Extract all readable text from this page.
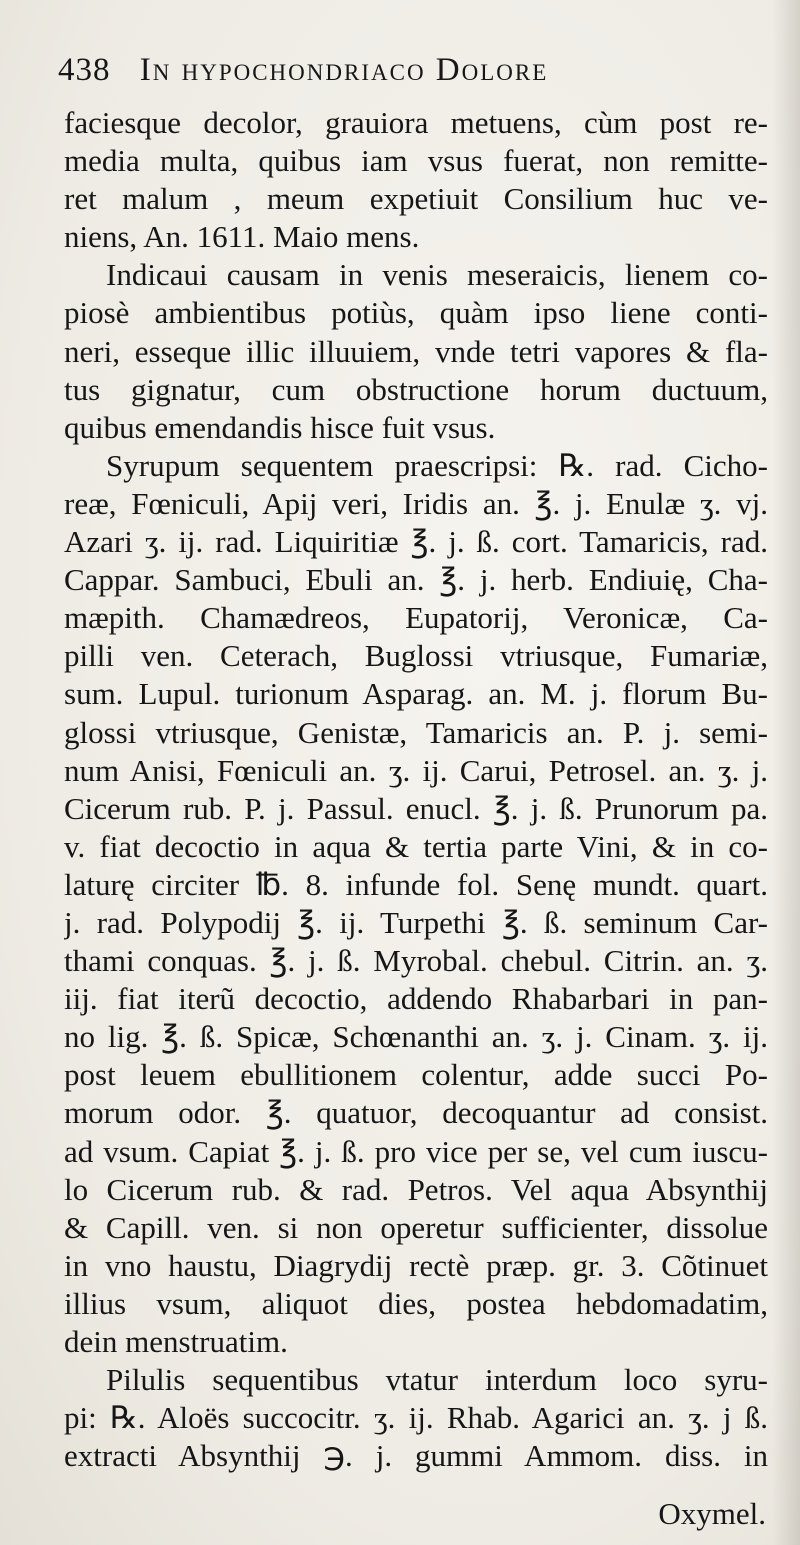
438 In hypochondriaco Dolore
faciesque decolor, grauiora metuens, cùm post re-
media multa, quibus iam vsus fuerat, non remitte-
ret malum , meum expetiuit Consilium huc ve-
niens, An. 1611. Maio mens.
Indicaui causam in venis meseraicis, lienem co-
piosè ambientibus potiùs, quàm ipso liene conti-
neri, esseque illic illuuiem, vnde tetri vapores & fla-
tus gignatur, cum obstructione horum ductuum,
quibus emendandis hisce fuit vsus.
Syrupum sequentem praescripsi: ℞. rad. Cicho-
reæ, Fœniculi, Apij veri, Iridis an. ℥. j. Enulæ ʒ. vj.
Azari ʒ. ij. rad. Liquiritiæ ℥. j. ß. cort. Tamaricis, rad.
Cappar. Sambuci, Ebuli an. ℥. j. herb. Endiuię, Cha-
mæpith. Chamædreos, Eupatorij, Veronicæ, Ca-
pilli ven. Ceterach, Buglossi vtriusque, Fumariæ,
sum. Lupul. turionum Asparag. an. M. j. florum Bu-
glossi vtriusque, Genistæ, Tamaricis an. P. j. semi-
num Anisi, Fœniculi an. ʒ. ij. Carui, Petrosel. an. ʒ. j.
Cicerum rub. P. j. Passul. enucl. ℥. j. ß. Prunorum pa.
v. fiat decoctio in aqua & tertia parte Vini, & in co-
laturę circiter ℔. 8. infunde fol. Senę mundt. quart.
j. rad. Polypodij ℥. ij. Turpethi ℥. ß. seminum Car-
thami conquas. ℥. j. ß. Myrobal. chebul. Citrin. an. ʒ.
iij. fiat iterũ decoctio, addendo Rhabarbari in pan-
no lig. ℥. ß. Spicæ, Schœnanthi an. ʒ. j. Cinam. ʒ. ij.
post leuem ebullitionem colentur, adde succi Po-
morum odor. ℥. quatuor, decoquantur ad consist.
ad vsum. Capiat ℥. j. ß. pro vice per se, vel cum iuscu-
lo Cicerum rub. & rad. Petros. Vel aqua Absynthij
& Capill. ven. si non operetur sufficienter, dissolue
in vno haustu, Diagrydij rectè præp. gr. 3. Cõtinuet
illius vsum, aliquot dies, postea hebdomadatim,
dein menstruatim.
Pilulis sequentibus vtatur interdum loco syru-
pi: ℞. Aloës succocitr. ʒ. ij. Rhab. Agarici an. ʒ. j ß.
extracti Absynthij ℈. j. gummi Ammom. diss. in
Oxymel.
